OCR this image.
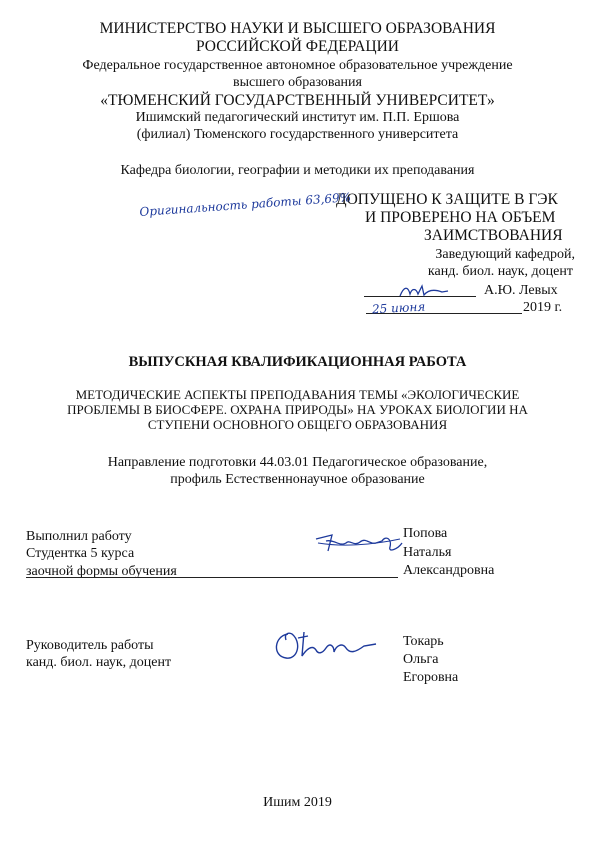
МИНИСТЕРСТВО НАУКИ И ВЫСШЕГО ОБРАЗОВАНИЯ
РОССИЙСКОЙ ФЕДЕРАЦИИ
Федеральное государственное автономное образовательное учреждение
высшего образования
«ТЮМЕНСКИЙ ГОСУДАРСТВЕННЫЙ УНИВЕРСИТЕТ»
Ишимский педагогический институт им. П.П. Ершова
(филиал) Тюменского государственного университета
Кафедра биологии, географии и методики их преподавания
ДОПУЩЕНО К ЗАЩИТЕ В ГЭК
Оригинальность работы 63,69% И ПРОВЕРЕНО НА ОБЪЕМ
ЗАИМСТВОВАНИЯ
Заведующий кафедрой,
канд. биол. наук, доцент
А.Ю. Левых
25 июня	2019 г.
ВЫПУСКНАЯ КВАЛИФИКАЦИОННАЯ РАБОТА
МЕТОДИЧЕСКИЕ АСПЕКТЫ ПРЕПОДАВАНИЯ ТЕМЫ «ЭКОЛОГИЧЕСКИЕ
ПРОБЛЕМЫ В БИОСФЕРЕ. ОХРАНА ПРИРОДЫ» НА УРОКАХ БИОЛОГИИ НА
СТУПЕНИ ОСНОВНОГО ОБЩЕГО ОБРАЗОВАНИЯ
Направление подготовки 44.03.01 Педагогическое образование,
профиль Естественнонаучное образование
Выполнил работу
Студентка 5 курса
заочной формы обучения
Попова
Наталья
Александровна
Руководитель работы
канд. биол. наук, доцент
Токарь
Ольга
Егоровна
Ишим 2019
